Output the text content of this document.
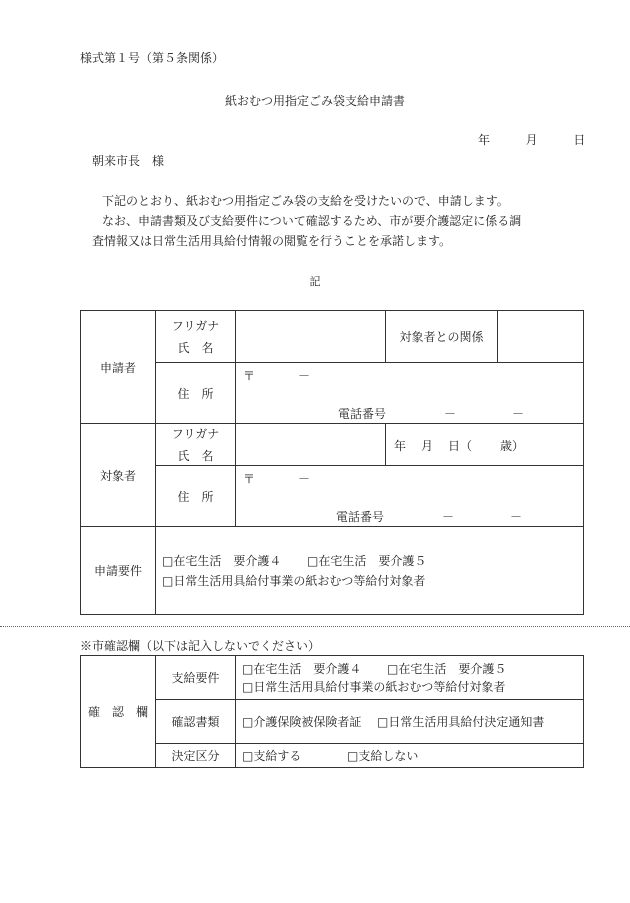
様式第１号（第５条関係）
紙おむつ用指定ごみ袋支給申請書
年	月	日
朝来市長　様
下記のとおり、紙おむつ用指定ごみ袋の支給を受けたいので、申請します。
なお、申請書類及び支給要件について確認するため、市が要介護認定に係る調
査情報又は日常生活用具給付情報の閲覧を行うことを承諾します。
記
申請者	フリガナ
氏　名		対象者との関係	
	住　所	〒 －
電話番号 － －		

対象者	フリガナ
氏　名		年 月 日（ 歳）	

	住　所	〒 －
電話番号 － －		

申請要件	□在宅生活　要介護４ □在宅生活　要介護５
□日常生活用具給付事業の紙おむつ等給付対象者			
※市確認欄（以下は記入しないでください）
確　認　欄	支給要件	□在宅生活　要介護４ □在宅生活　要介護５
□日常生活用具給付事業の紙おむつ等給付対象者

	確認書類	□介護保険被保険者証 □日常生活用具給付決定通知書
	決定区分	□支給する □支給しない
